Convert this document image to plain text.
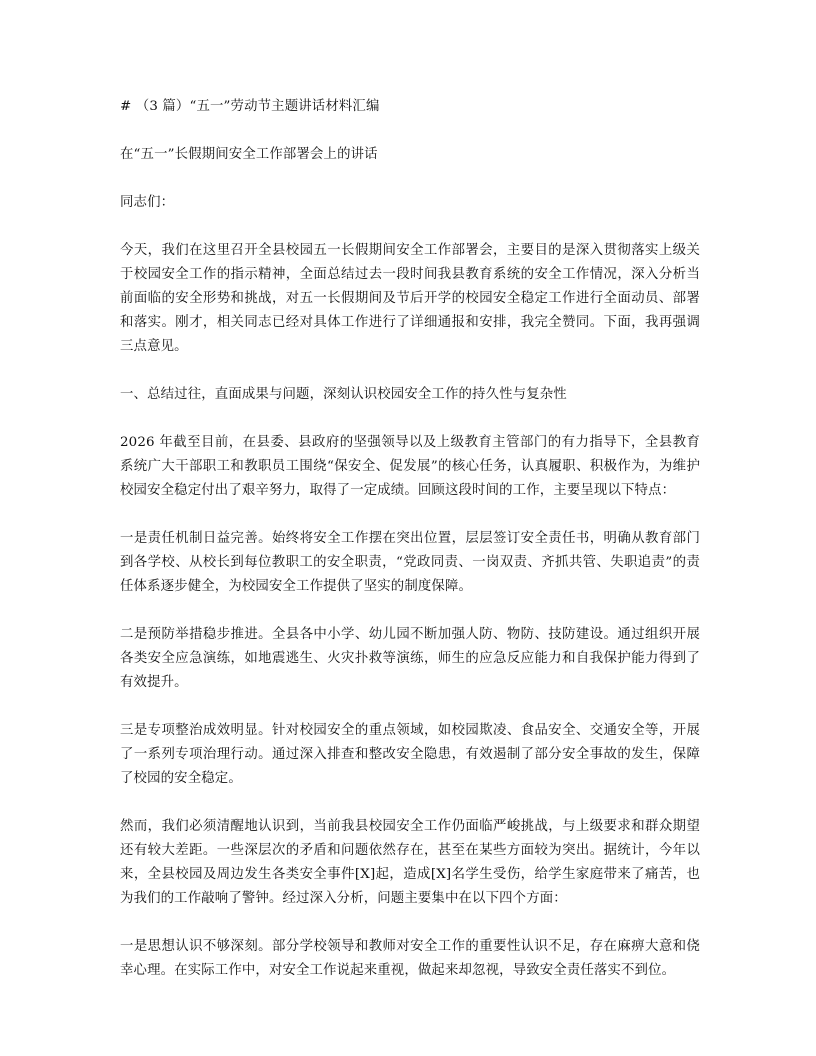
# （3 篇）“五一”劳动节主题讲话材料汇编

在“五一”长假期间安全工作部署会上的讲话

同志们：

今天，我们在这里召开全县校园五一长假期间安全工作部署会，主要目的是深入贯彻落实上级关于校园安全工作的指示精神，全面总结过去一段时间我县教育系统的安全工作情况，深入分析当前面临的安全形势和挑战，对五一长假期间及节后开学的校园安全稳定工作进行全面动员、部署和落实。刚才，相关同志已经对具体工作进行了详细通报和安排，我完全赞同。下面，我再强调三点意见。

一、总结过往，直面成果与问题，深刻认识校园安全工作的持久性与复杂性

2026 年截至目前，在县委、县政府的坚强领导以及上级教育主管部门的有力指导下，全县教育系统广大干部职工和教职员工围绕“保安全、促发展”的核心任务，认真履职、积极作为，为维护校园安全稳定付出了艰辛努力，取得了一定成绩。回顾这段时间的工作，主要呈现以下特点：

一是责任机制日益完善。始终将安全工作摆在突出位置，层层签订安全责任书，明确从教育部门到各学校、从校长到每位教职工的安全职责，“党政同责、一岗双责、齐抓共管、失职追责”的责任体系逐步健全，为校园安全工作提供了坚实的制度保障。

二是预防举措稳步推进。全县各中小学、幼儿园不断加强人防、物防、技防建设。通过组织开展各类安全应急演练，如地震逃生、火灾扑救等演练，师生的应急反应能力和自我保护能力得到了有效提升。

三是专项整治成效明显。针对校园安全的重点领域，如校园欺凌、食品安全、交通安全等，开展了一系列专项治理行动。通过深入排查和整改安全隐患，有效遏制了部分安全事故的发生，保障了校园的安全稳定。

然而，我们必须清醒地认识到，当前我县校园安全工作仍面临严峻挑战，与上级要求和群众期望还有较大差距。一些深层次的矛盾和问题依然存在，甚至在某些方面较为突出。据统计，今年以来，全县校园及周边发生各类安全事件[X]起，造成[X]名学生受伤，给学生家庭带来了痛苦，也为我们的工作敲响了警钟。经过深入分析，问题主要集中在以下四个方面：

一是思想认识不够深刻。部分学校领导和教师对安全工作的重要性认识不足，存在麻痹大意和侥幸心理。在实际工作中，对安全工作说起来重视，做起来却忽视，导致安全责任落实不到位。
